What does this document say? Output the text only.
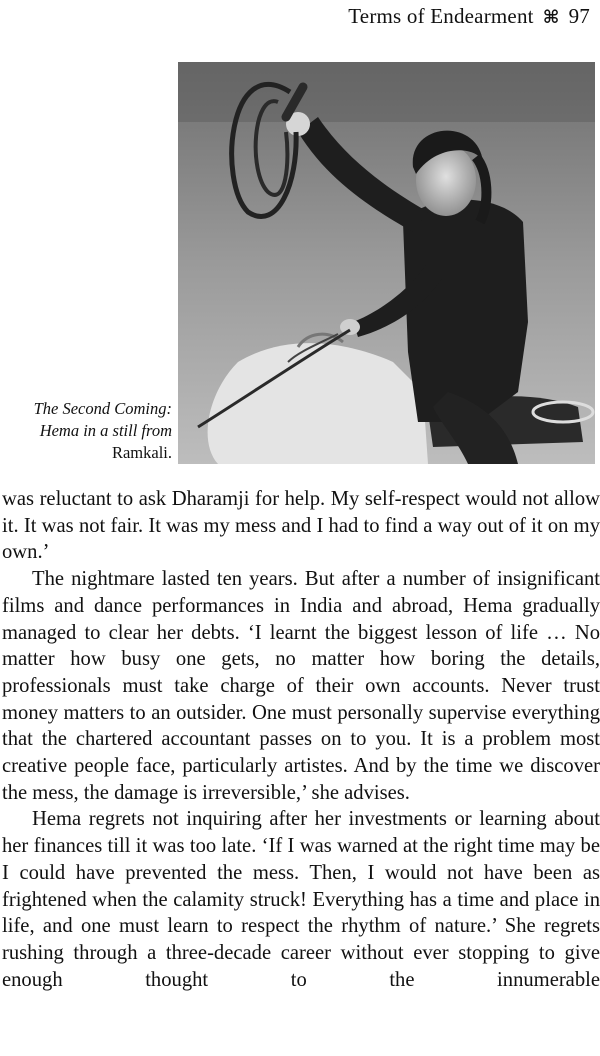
Terms of Endearment ⌘ 97
The Second Coming:
Hema in a still from
Ramkali.

was reluctant to ask Dharamji for help. My self-respect would not allow it. It was not fair. It was my mess and I had to find a way out of it on my own.’

The nightmare lasted ten years. But after a number of insignificant films and dance performances in India and abroad, Hema gradually managed to clear her debts. ‘I learnt the biggest lesson of life … No matter how busy one gets, no matter how boring the details, professionals must take charge of their own accounts. Never trust money matters to an outsider. One must personally supervise everything that the chartered accountant passes on to you. It is a problem most creative people face, particularly artistes. And by the time we discover the mess, the damage is irreversible,’ she advises.

Hema regrets not inquiring after her investments or learning about her finances till it was too late. ‘If I was warned at the right time may be I could have prevented the mess. Then, I would not have been as frightened when the calamity struck! Everything has a time and place in life, and one must learn to respect the rhythm of nature.’ She regrets rushing through a three-decade career without ever stopping to give enough thought to the innumerable
